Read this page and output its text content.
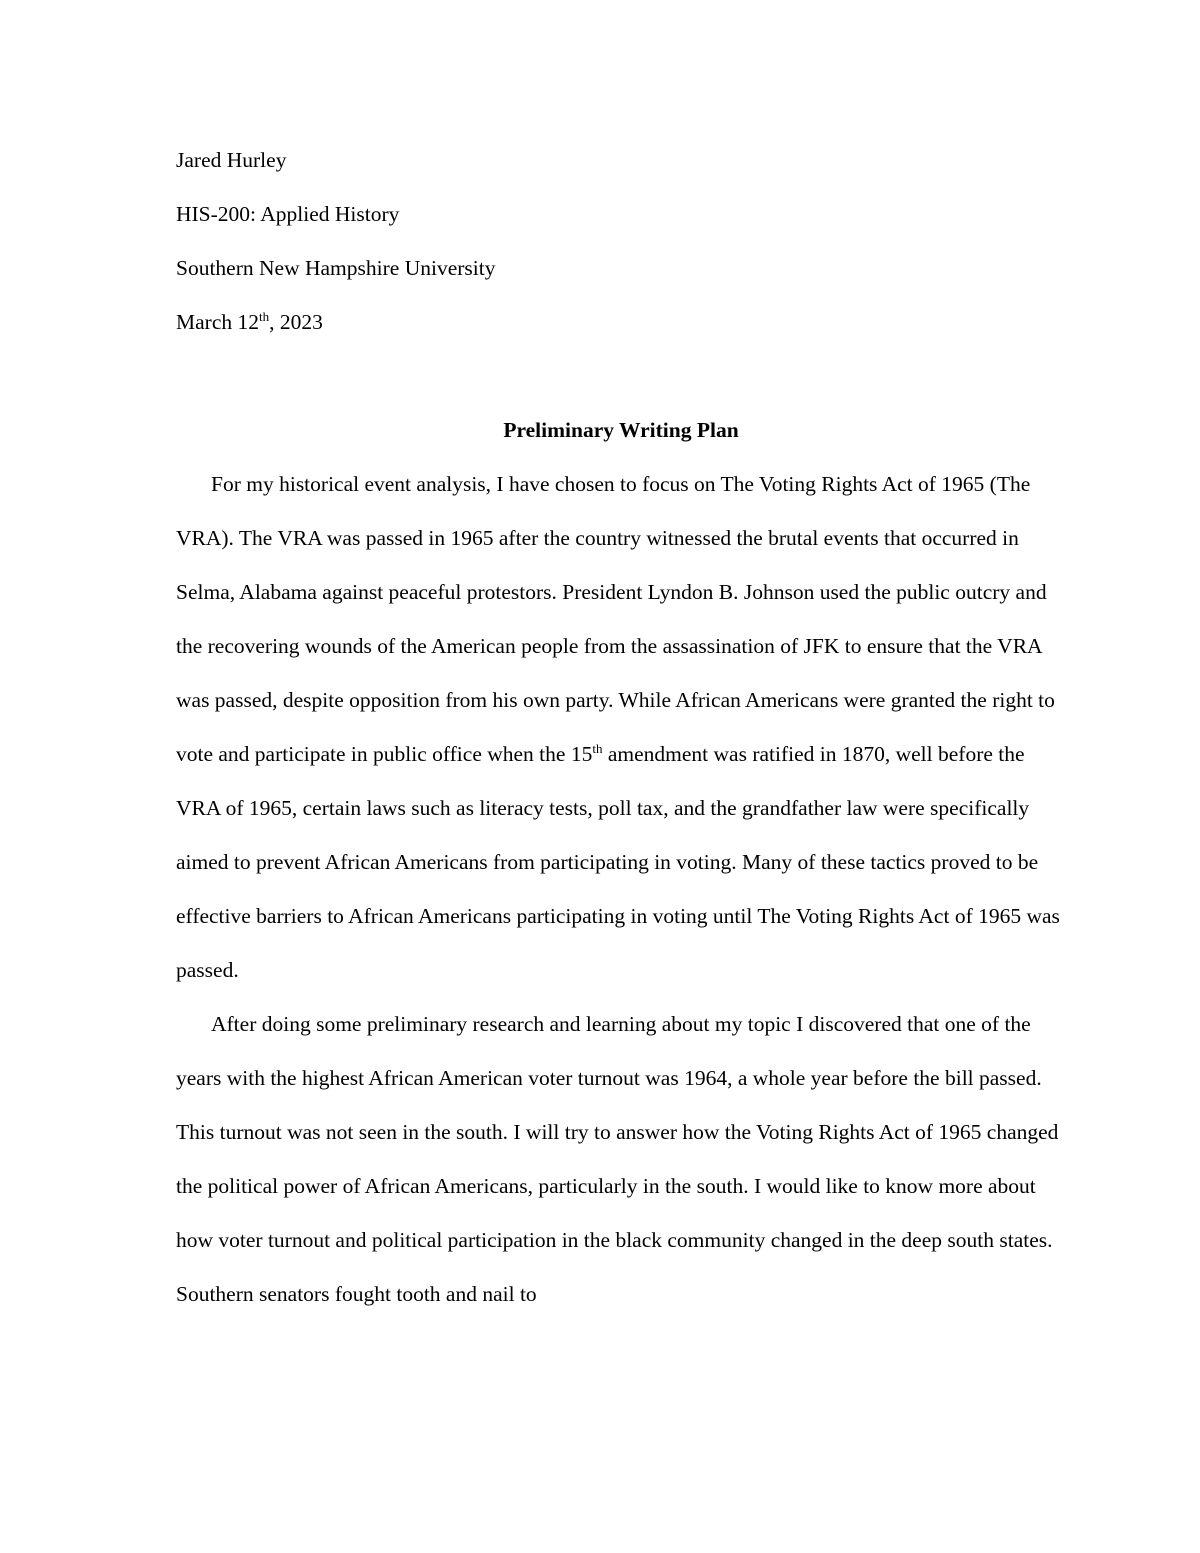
Jared Hurley

HIS-200: Applied History

Southern New Hampshire University

March 12th, 2023

Preliminary Writing Plan

For my historical event analysis, I have chosen to focus on The Voting Rights Act of 1965 (The VRA). The VRA was passed in 1965 after the country witnessed the brutal events that occurred in Selma, Alabama against peaceful protestors. President Lyndon B. Johnson used the public outcry and the recovering wounds of the American people from the assassination of JFK to ensure that the VRA was passed, despite opposition from his own party. While African Americans were granted the right to vote and participate in public office when the 15th amendment was ratified in 1870, well before the VRA of 1965, certain laws such as literacy tests, poll tax, and the grandfather law were specifically aimed to prevent African Americans from participating in voting. Many of these tactics proved to be effective barriers to African Americans participating in voting until The Voting Rights Act of 1965 was passed.

After doing some preliminary research and learning about my topic I discovered that one of the years with the highest African American voter turnout was 1964, a whole year before the bill passed. This turnout was not seen in the south. I will try to answer how the Voting Rights Act of 1965 changed the political power of African Americans, particularly in the south. I would like to know more about how voter turnout and political participation in the black community changed in the deep south states. Southern senators fought tooth and nail to
